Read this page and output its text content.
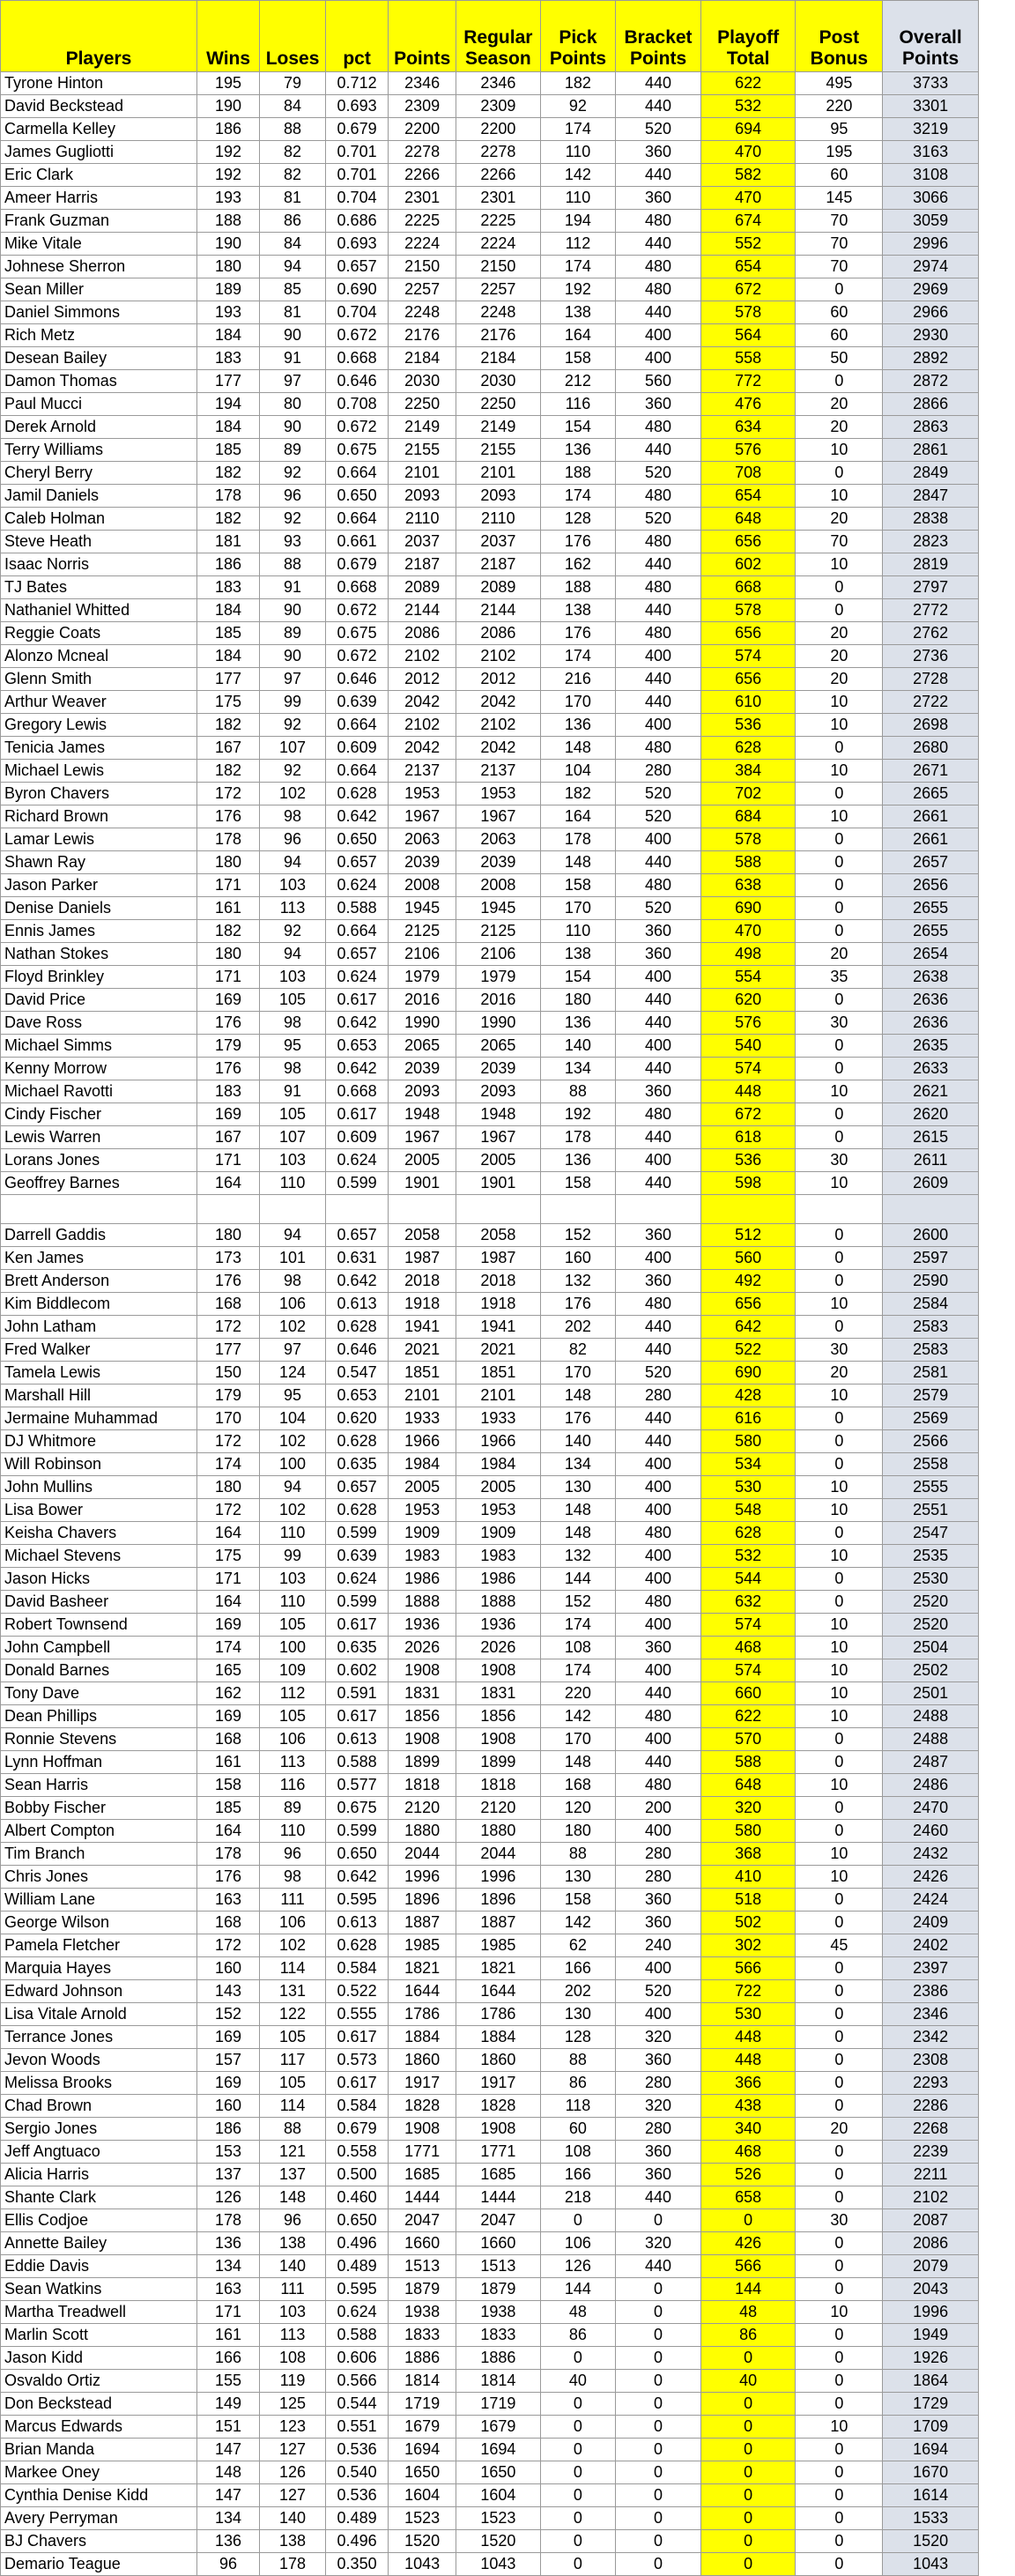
Players	Wins	Loses	pct	Points	Regular Season	Pick Points	Bracket Points	Playoff Total	Post Bonus	Overall Points
Tyrone Hinton	195	79	0.712	2346	2346	182	440	622	495	3733
David Beckstead	190	84	0.693	2309	2309	92	440	532	220	3301
Carmella Kelley	186	88	0.679	2200	2200	174	520	694	95	3219
James Gugliotti	192	82	0.701	2278	2278	110	360	470	195	3163
Eric Clark	192	82	0.701	2266	2266	142	440	582	60	3108
Ameer Harris	193	81	0.704	2301	2301	110	360	470	145	3066
Frank Guzman	188	86	0.686	2225	2225	194	480	674	70	3059
Mike Vitale	190	84	0.693	2224	2224	112	440	552	70	2996
Johnese Sherron	180	94	0.657	2150	2150	174	480	654	70	2974
Sean Miller	189	85	0.690	2257	2257	192	480	672	0	2969
Daniel Simmons	193	81	0.704	2248	2248	138	440	578	60	2966
Rich Metz	184	90	0.672	2176	2176	164	400	564	60	2930
Desean Bailey	183	91	0.668	2184	2184	158	400	558	50	2892
Damon Thomas	177	97	0.646	2030	2030	212	560	772	0	2872
Paul Mucci	194	80	0.708	2250	2250	116	360	476	20	2866
Derek Arnold	184	90	0.672	2149	2149	154	480	634	20	2863
Terry Williams	185	89	0.675	2155	2155	136	440	576	10	2861
Cheryl Berry	182	92	0.664	2101	2101	188	520	708	0	2849
Jamil Daniels	178	96	0.650	2093	2093	174	480	654	10	2847
Caleb Holman	182	92	0.664	2110	2110	128	520	648	20	2838
Steve Heath	181	93	0.661	2037	2037	176	480	656	70	2823
Isaac Norris	186	88	0.679	2187	2187	162	440	602	10	2819
TJ Bates	183	91	0.668	2089	2089	188	480	668	0	2797
Nathaniel Whitted	184	90	0.672	2144	2144	138	440	578	0	2772
Reggie Coats	185	89	0.675	2086	2086	176	480	656	20	2762
Alonzo Mcneal	184	90	0.672	2102	2102	174	400	574	20	2736
Glenn Smith	177	97	0.646	2012	2012	216	440	656	20	2728
Arthur Weaver	175	99	0.639	2042	2042	170	440	610	10	2722
Gregory Lewis	182	92	0.664	2102	2102	136	400	536	10	2698
Tenicia James	167	107	0.609	2042	2042	148	480	628	0	2680
Michael Lewis	182	92	0.664	2137	2137	104	280	384	10	2671
Byron Chavers	172	102	0.628	1953	1953	182	520	702	0	2665
Richard Brown	176	98	0.642	1967	1967	164	520	684	10	2661
Lamar Lewis	178	96	0.650	2063	2063	178	400	578	0	2661
Shawn Ray	180	94	0.657	2039	2039	148	440	588	0	2657
Jason Parker	171	103	0.624	2008	2008	158	480	638	0	2656
Denise Daniels	161	113	0.588	1945	1945	170	520	690	0	2655
Ennis James	182	92	0.664	2125	2125	110	360	470	0	2655
Nathan Stokes	180	94	0.657	2106	2106	138	360	498	20	2654
Floyd Brinkley	171	103	0.624	1979	1979	154	400	554	35	2638
David Price	169	105	0.617	2016	2016	180	440	620	0	2636
Dave Ross	176	98	0.642	1990	1990	136	440	576	30	2636
Michael Simms	179	95	0.653	2065	2065	140	400	540	0	2635
Kenny Morrow	176	98	0.642	2039	2039	134	440	574	0	2633
Michael Ravotti	183	91	0.668	2093	2093	88	360	448	10	2621
Cindy Fischer	169	105	0.617	1948	1948	192	480	672	0	2620
Lewis Warren	167	107	0.609	1967	1967	178	440	618	0	2615
Lorans Jones	171	103	0.624	2005	2005	136	400	536	30	2611
Geoffrey Barnes	164	110	0.599	1901	1901	158	440	598	10	2609

Darrell Gaddis	180	94	0.657	2058	2058	152	360	512	0	2600
Ken James	173	101	0.631	1987	1987	160	400	560	0	2597
Brett Anderson	176	98	0.642	2018	2018	132	360	492	0	2590
Kim Biddlecom	168	106	0.613	1918	1918	176	480	656	10	2584
John Latham	172	102	0.628	1941	1941	202	440	642	0	2583
Fred Walker	177	97	0.646	2021	2021	82	440	522	30	2583
Tamela Lewis	150	124	0.547	1851	1851	170	520	690	20	2581
Marshall Hill	179	95	0.653	2101	2101	148	280	428	10	2579
Jermaine Muhammad	170	104	0.620	1933	1933	176	440	616	0	2569
DJ Whitmore	172	102	0.628	1966	1966	140	440	580	0	2566
Will Robinson	174	100	0.635	1984	1984	134	400	534	0	2558
John Mullins	180	94	0.657	2005	2005	130	400	530	10	2555
Lisa Bower	172	102	0.628	1953	1953	148	400	548	10	2551
Keisha Chavers	164	110	0.599	1909	1909	148	480	628	0	2547
Michael Stevens	175	99	0.639	1983	1983	132	400	532	10	2535
Jason Hicks	171	103	0.624	1986	1986	144	400	544	0	2530
David Basheer	164	110	0.599	1888	1888	152	480	632	0	2520
Robert Townsend	169	105	0.617	1936	1936	174	400	574	10	2520
John Campbell	174	100	0.635	2026	2026	108	360	468	10	2504
Donald Barnes	165	109	0.602	1908	1908	174	400	574	10	2502
Tony Dave	162	112	0.591	1831	1831	220	440	660	10	2501
Dean Phillips	169	105	0.617	1856	1856	142	480	622	10	2488
Ronnie Stevens	168	106	0.613	1908	1908	170	400	570	0	2488
Lynn Hoffman	161	113	0.588	1899	1899	148	440	588	0	2487
Sean Harris	158	116	0.577	1818	1818	168	480	648	10	2486
Bobby Fischer	185	89	0.675	2120	2120	120	200	320	0	2470
Albert Compton	164	110	0.599	1880	1880	180	400	580	0	2460
Tim Branch	178	96	0.650	2044	2044	88	280	368	10	2432
Chris Jones	176	98	0.642	1996	1996	130	280	410	10	2426
William Lane	163	111	0.595	1896	1896	158	360	518	0	2424
George Wilson	168	106	0.613	1887	1887	142	360	502	0	2409
Pamela Fletcher	172	102	0.628	1985	1985	62	240	302	45	2402
Marquia Hayes	160	114	0.584	1821	1821	166	400	566	0	2397
Edward Johnson	143	131	0.522	1644	1644	202	520	722	0	2386
Lisa Vitale Arnold	152	122	0.555	1786	1786	130	400	530	0	2346
Terrance Jones	169	105	0.617	1884	1884	128	320	448	0	2342
Jevon Woods	157	117	0.573	1860	1860	88	360	448	0	2308
Melissa Brooks	169	105	0.617	1917	1917	86	280	366	0	2293
Chad Brown	160	114	0.584	1828	1828	118	320	438	0	2286
Sergio Jones	186	88	0.679	1908	1908	60	280	340	20	2268
Jeff Angtuaco	153	121	0.558	1771	1771	108	360	468	0	2239
Alicia Harris	137	137	0.500	1685	1685	166	360	526	0	2211
Shante Clark	126	148	0.460	1444	1444	218	440	658	0	2102
Ellis Codjoe	178	96	0.650	2047	2047	0	0	0	30	2087
Annette Bailey	136	138	0.496	1660	1660	106	320	426	0	2086
Eddie Davis	134	140	0.489	1513	1513	126	440	566	0	2079
Sean Watkins	163	111	0.595	1879	1879	144	0	144	0	2043
Martha Treadwell	171	103	0.624	1938	1938	48	0	48	10	1996
Marlin Scott	161	113	0.588	1833	1833	86	0	86	0	1949
Jason Kidd	166	108	0.606	1886	1886	0	0	0	0	1926
Osvaldo Ortiz	155	119	0.566	1814	1814	40	0	40	0	1864
Don Beckstead	149	125	0.544	1719	1719	0	0	0	0	1729
Marcus Edwards	151	123	0.551	1679	1679	0	0	0	10	1709
Brian Manda	147	127	0.536	1694	1694	0	0	0	0	1694
Markee Oney	148	126	0.540	1650	1650	0	0	0	0	1670
Cynthia Denise Kidd	147	127	0.536	1604	1604	0	0	0	0	1614
Avery Perryman	134	140	0.489	1523	1523	0	0	0	0	1533
BJ Chavers	136	138	0.496	1520	1520	0	0	0	0	1520
Demario Teague	96	178	0.350	1043	1043	0	0	0	0	1043
